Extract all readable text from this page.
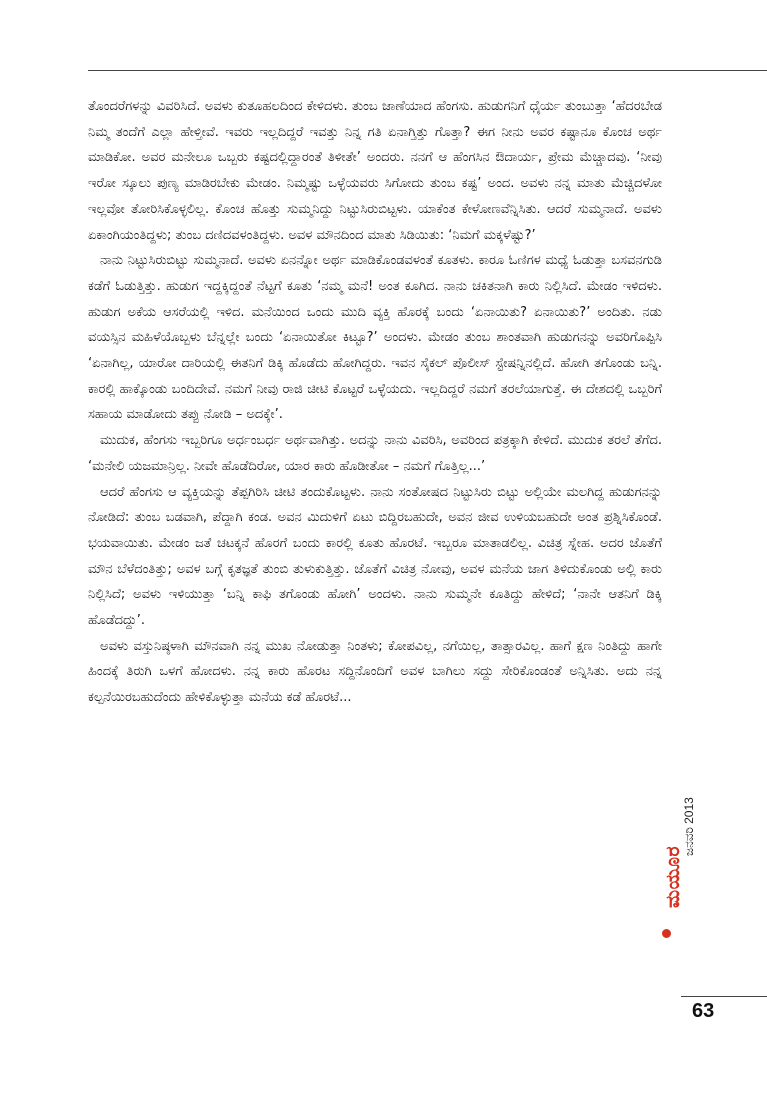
ತೊಂದರೆಗಳನ್ನು ವಿವರಿಸಿದೆ. ಅವಳು ಕುತೂಹಲದಿಂದ ಕೇಳಿದಳು. ತುಂಬ ಜಾಣೆಯಾದ ಹೆಂಗಸು. ಹುಡುಗನಿಗೆ ಧೈರ್ಯ ತುಂಬುತ್ತಾ ‘ಹೆದರಬೇಡ ನಿಮ್ಮ ತಂದೆಗೆ ಎಲ್ಲಾ ಹೇಳ್ತೀವೆ. ಇವರು ಇಲ್ಲದಿದ್ದರೆ ಇವತ್ತು ನಿನ್ನ ಗತಿ ಏನಾಗ್ತಿತ್ತು ಗೊತ್ತಾ? ಈಗ ನೀನು ಅವರ ಕಷ್ಟಾನೂ ಕೊಂಚ ಅರ್ಥ ಮಾಡಿಕೋ. ಅವರ ಮನೇಲೂ ಒಬ್ಬರು ಕಷ್ಟದಲ್ಲಿದ್ದಾರಂತೆ ತಿಳೀತೇ’ ಅಂದರು. ನನಗೆ ಆ ಹೆಂಗಸಿನ ಔದಾರ್ಯ, ಪ್ರೇಮ ಮೆಚ್ಚಾದವು. ‘ನೀವು ಇರೋ ಸ್ಕೂಲು ಪುಣ್ಯ ಮಾಡಿರಬೇಕು ಮೇಡಂ. ನಿಮ್ಮಷ್ಟು ಒಳ್ಳೆಯವರು ಸಿಗೋದು ತುಂಬ ಕಷ್ಟ’ ಅಂದ. ಅವಳು ನನ್ನ ಮಾತು ಮೆಚ್ಚಿದಳೋ ಇಲ್ಲವೋ ತೋರಿಸಿಕೊಳ್ಳಲಿಲ್ಲ. ಕೊಂಚ ಹೊತ್ತು ಸುಮ್ಮನಿದ್ದು ನಿಟ್ಟುಸಿರುಬಿಟ್ಟಳು. ಯಾಕೆಂತ ಕೇಳೋಣವೆನ್ನಿಸಿತು. ಆದರೆ ಸುಮ್ಮನಾದೆ. ಅವಳು ಏಕಾಂಗಿಯಂತಿದ್ದಳು; ತುಂಬ ದಣಿದವಳಂತಿದ್ದಳು. ಅವಳ ಮೌನದಿಂದ ಮಾತು ಸಿಡಿಯಿತು: ‘ನಿಮಗೆ ಮಕ್ಕಳೆಷ್ಟು?’

ನಾನು ನಿಟ್ಟುಸಿರುಬಿಟ್ಟು ಸುಮ್ಮನಾದೆ. ಅವಳು ಏನನ್ನೋ ಅರ್ಥ ಮಾಡಿಕೊಂಡವಳಂತೆ ಕೂತಳು. ಕಾರೂ ಓಣಿಗಳ ಮಧ್ಯೆ ಓಡುತ್ತಾ ಬಸವನಗುಡಿ ಕಡೆಗೆ ಓಡುತ್ತಿತ್ತು. ಹುಡುಗ ಇದ್ದಕ್ಕಿದ್ದಂತೆ ನೆಟ್ಟಗೆ ಕೂತು ‘ನಮ್ಮ ಮನೆ! ಅಂತ ಕೂಗಿದ. ನಾನು ಚಕಿತನಾಗಿ ಕಾರು ನಿಲ್ಲಿಸಿದೆ. ಮೇಡಂ ಇಳಿದಳು. ಹುಡುಗ ಅಕೆಯ ಆಸರೆಯಲ್ಲಿ ಇಳಿದ. ಮನೆಯಿಂದ ಒಂದು ಮುದಿ ವ್ಯಕ್ತಿ ಹೊರಕ್ಕೆ ಬಂದು ‘ಏನಾಯಿತು? ಏನಾಯಿತು?’ ಅಂದಿತು. ನಡು ವಯಸ್ಸಿನ ಮಹಿಳೆಯೊಬ್ಬಳು ಬೆನ್ನಲ್ಲೇ ಬಂದು ‘ಏನಾಯಿತೋ ಕಿಟ್ಟೂ?’ ಅಂದಳು. ಮೇಡಂ ತುಂಬ ಶಾಂತವಾಗಿ ಹುಡುಗನನ್ನು ಅವರಿಗೊಪ್ಪಿಸಿ ‘ಏನಾಗಿಲ್ಲ, ಯಾರೋ ದಾರಿಯಲ್ಲಿ ಈತನಿಗೆ ಡಿಕ್ಕಿ ಹೊಡೆದು ಹೋಗಿದ್ದರು. ಇವನ ಸೈಕಲ್ ಪೊಲೀಸ್ ಸ್ಟೇಷನ್ನಿನಲ್ಲಿದೆ. ಹೋಗಿ ತಗೊಂಡು ಬನ್ನಿ. ಕಾರಲ್ಲಿ ಹಾಕ್ಕೊಂಡು ಬಂದಿದೇವೆ. ನಮಗೆ ನೀವು ರಾಜಿ ಚೀಟಿ ಕೊಟ್ಟರೆ ಒಳ್ಳೆಯದು. ಇಲ್ಲದಿದ್ದರೆ ನಮಗೆ ತರಲೆಯಾಗುತ್ತೆ. ಈ ದೇಶದಲ್ಲಿ ಒಬ್ಬರಿಗೆ ಸಹಾಯ ಮಾಡೋದು ತಪ್ಪು ನೋಡಿ – ಅದಕ್ಕೇ’.

ಮುದುಕ, ಹೆಂಗಸು ಇಬ್ಬರಿಗೂ ಅರ್ಧಂಬರ್ಧ ಅರ್ಥವಾಗಿತ್ತು. ಅದನ್ನು ನಾನು ವಿವರಿಸಿ, ಅವರಿಂದ ಪತ್ರಕ್ಕಾಗಿ ಕೇಳಿದೆ. ಮುದುಕ ತರಲೆ ತೆಗೆದ. ‘ಮನೇಲಿ ಯಜಮಾನ್ರಿಲ್ಲ. ನೀವೇ ಹೊಡೆದಿರೋ, ಯಾರ ಕಾರು ಹೊಡೀತೋ – ನಮಗೆ ಗೊತ್ತಿಲ್ಲ...’

ಆದರೆ ಹೆಂಗಸು ಆ ವ್ಯಕ್ತಿಯನ್ನು ತೆಪ್ಪಗಿರಿಸಿ ಚೀಟಿ ತಂದುಕೊಟ್ಟಳು. ನಾನು ಸಂತೋಷದ ನಿಟ್ಟುಸಿರು ಬಿಟ್ಟು ಅಲ್ಲಿಯೇ ಮಲಗಿದ್ದ ಹುಡುಗನನ್ನು ನೋಡಿದೆ: ತುಂಬ ಬಡವಾಗಿ, ಪೆದ್ದಾಗಿ ಕಂಡ. ಅವನ ಮಿದುಳಿಗೆ ಏಟು ಬಿದ್ದಿರಬಹುದೇ, ಅವನ ಜೀವ ಉಳಿಯಬಹುದೇ ಅಂತ ಪ್ರಶ್ನಿಸಿಕೊಂಡೆ. ಭಯವಾಯಿತು. ಮೇಡಂ ಜತೆ ಚಟಕ್ಕನೆ ಹೊರಗೆ ಬಂದು ಕಾರಲ್ಲಿ ಕೂತು ಹೊರಟೆ. ಇಬ್ಬರೂ ಮಾತಾಡಲಿಲ್ಲ. ವಿಚಿತ್ರ ಸ್ನೇಹ. ಅದರ ಜೊತೆಗೆ ಮೌನ ಬೆಳೆದಂತಿತ್ತು; ಅವಳ ಬಗ್ಗೆ ಕೃತಜ್ಞತೆ ತುಂಬಿ ತುಳುಕುತ್ತಿತ್ತು. ಜೊತೆಗೆ ವಿಚಿತ್ರ ನೋವು, ಅವಳ ಮನೆಯ ಜಾಗ ತಿಳಿದುಕೊಂಡು ಅಲ್ಲಿ ಕಾರು ನಿಲ್ಲಿಸಿದೆ; ಅವಳು ಇಳಿಯುತ್ತಾ ‘ಬನ್ನಿ ಕಾಫಿ ತಗೊಂಡು ಹೋಗಿ’ ಅಂದಳು. ನಾನು ಸುಮ್ಮನೇ ಕೂತಿದ್ದು ಹೇಳಿದೆ; ‘ನಾನೇ ಆತನಿಗೆ ಡಿಕ್ಕಿ ಹೊಡೆದದ್ದು’.

ಅವಳು ವಸ್ತುನಿಷ್ಠಳಾಗಿ ಮೌನವಾಗಿ ನನ್ನ ಮುಖ ನೋಡುತ್ತಾ ನಿಂತಳು; ಕೋಪವಿಲ್ಲ, ನಗೆಯಿಲ್ಲ, ತಾತ್ಸಾರವಿಲ್ಲ. ಹಾಗೆ ಕ್ಷಣ ನಿಂತಿದ್ದು ಹಾಗೇ ಹಿಂದಕ್ಕೆ ತಿರುಗಿ ಒಳಗೆ ಹೋದಳು. ನನ್ನ ಕಾರು ಹೊರಟ ಸದ್ದಿನೊಂದಿಗೆ ಅವಳ ಬಾಗಿಲು ಸದ್ದು ಸೇರಿಕೊಂಡಂತೆ ಅನ್ನಿಸಿತು. ಅದು ನನ್ನ ಕಲ್ಪನೆಯಿರಬಹುದೆಂದು ಹೇಳಿಕೊಳ್ಳುತ್ತಾ ಮನೆಯ ಕಡೆ ಹೊರಟೆ...

ಮಯೂರ
ಜನವರಿ 2013
63
